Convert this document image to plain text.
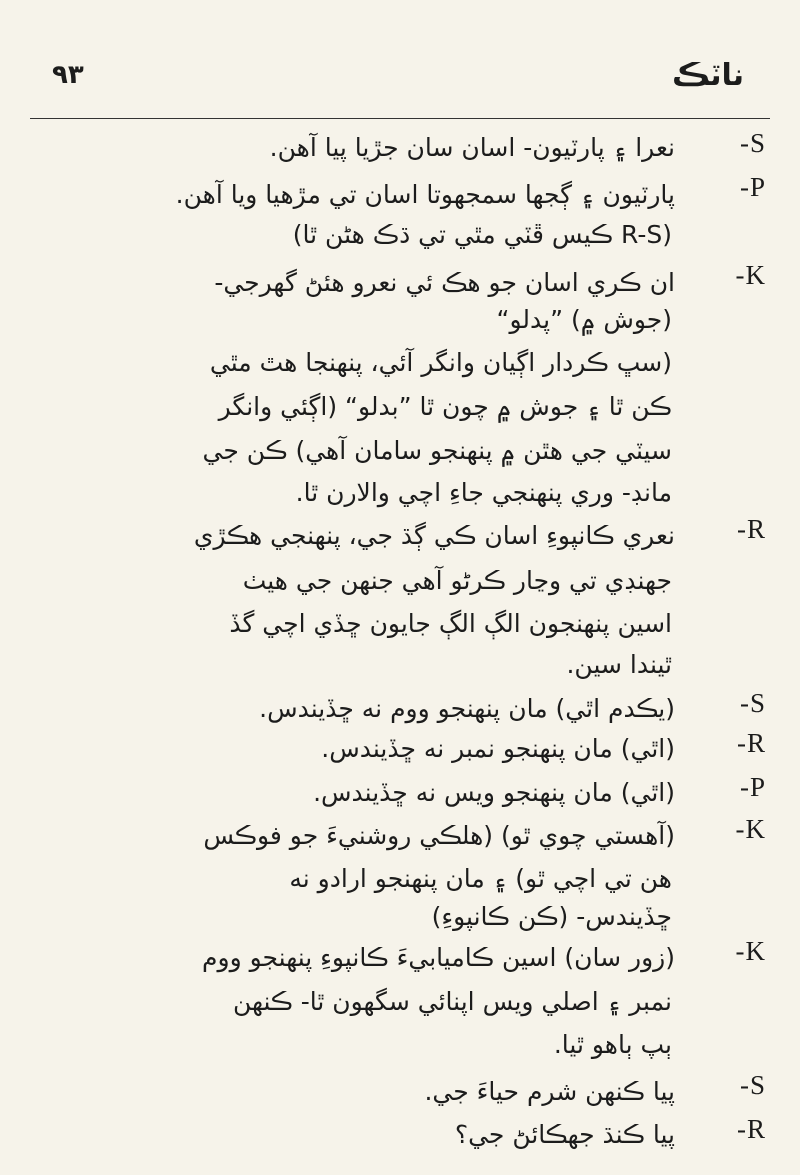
٩٣	ناٽڪ
-S
نعرا ۽ پارٽيون- اسان سان جڙيا پيا آهن.
-P
پارٽيون ۽ ڳجها سمجهوتا اسان تي مڙهيا ويا آهن.
(R-S ڪيس ڦٽي مٿي تي ڌڪ هڻن ٿا)
-K
ان ڪري اسان جو هڪ ئي نعرو هئڻ گهرجي-
(جوش ۾) ”پدلو“
(سڀ ڪردار اڳيان وانگر آئي، پنهنجا هٿ مٿي
ڪن ٿا ۽ جوش ۾ چون ٿا ”بدلو“ (اڳئي وانگر
سيٽي جي هٿن ۾ پنهنجو سامان آهي) ڪن جي
مانڊ- وري پنهنجي جاءِ اچي والارن ٿا.
-R
نعري ڪانپوءِ اسان ڪي ڳڌ جي، پنهنجي هڪڙي
جهنڊي تي وڃار ڪرڻو آهي جنهن جي هيٺ
اسين پنهنجون الڳ الڳ جايون ڇڏي اچي گڏ
ٿيندا سين.
-S
(يڪدم اٿي) مان پنهنجو ووم نه ڇڏيندس.
-R
(اٿي) مان پنهنجو نمبر نه ڇڏيندس.
-P
(اٿي) مان پنهنجو ويس نه ڇڏيندس.
-K
(آهستي چوي ٿو) (هلڪي روشنيءَ جو فوڪس
هن تي اچي ٿو) ۽ مان پنهنجو ارادو نه
ڇڏيندس- (ڪن ڪانپوءِ)
-K
(زور سان) اسين ڪاميابيءَ ڪانپوءِ پنهنجو ووم
نمبر ۽ اصلي ويس اپنائي سگهون ٿا- ڪنهن
ٻپ ٻاهو ٿيا.
-S
پيا ڪنهن شرم حياءَ جي.
-R
پيا ڪنڌ جهڪائڻ جي؟
